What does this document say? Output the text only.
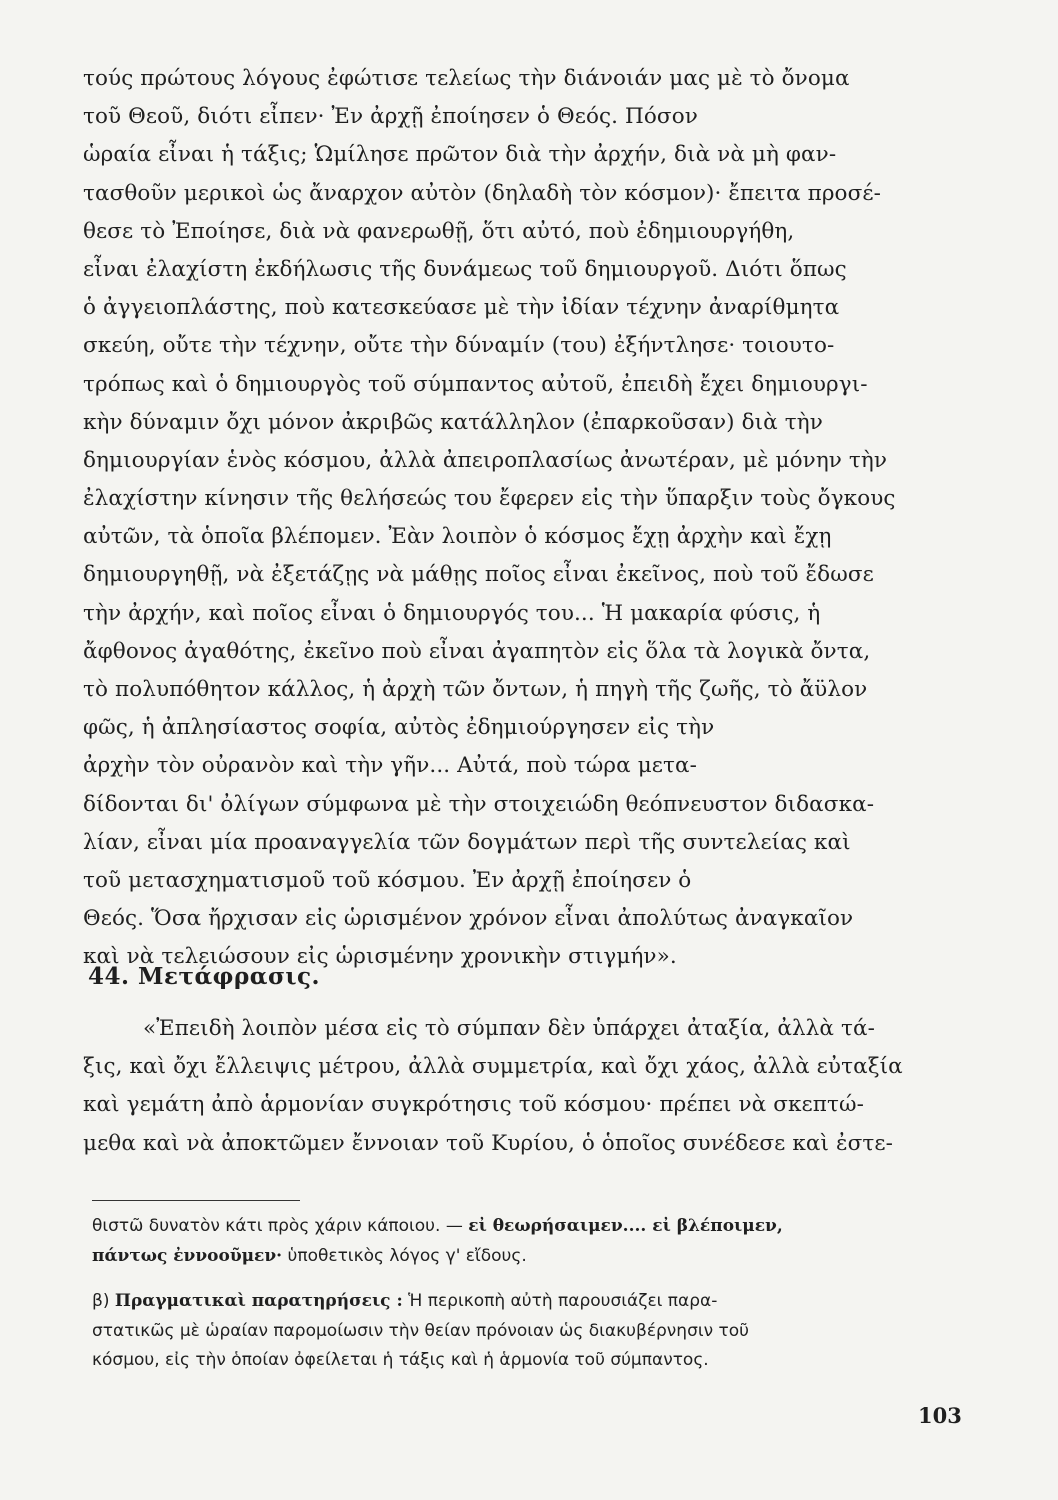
τούς πρώτους λόγους ἐφώτισε τελείως τὴν διάνοιάν μας μὲ τὸ ὄνομα
τοῦ Θεοῦ, διότι εἶπεν· Ἐν ἀρχῇ ἐποίησεν ὁ Θεός. Πόσον
ὡραία εἶναι ἡ τάξις; Ὡμίλησε πρῶτον διὰ τὴν ἀρχήν, διὰ νὰ μὴ φαν-
τασθοῦν μερικοὶ ὡς ἄναρχον αὐτὸν (δηλαδὴ τὸν κόσμον)· ἔπειτα προσέ-
θεσε τὸ Ἐποίησε, διὰ νὰ φανερωθῇ, ὅτι αὐτό, ποὺ ἐδημιουργήθη,
εἶναι ἐλαχίστη ἐκδήλωσις τῆς δυνάμεως τοῦ δημιουργοῦ. Διότι ὅπως
ὁ ἀγγειοπλάστης, ποὺ κατεσκεύασε μὲ τὴν ἰδίαν τέχνην ἀναρίθμητα
σκεύη, οὔτε τὴν τέχνην, οὔτε τὴν δύναμίν (του) ἐξήντλησε· τοιουτο-
τρόπως καὶ ὁ δημιουργὸς τοῦ σύμπαντος αὐτοῦ, ἐπειδὴ ἔχει δημιουργι-
κὴν δύναμιν ὄχι μόνον ἀκριβῶς κατάλληλον (ἐπαρκοῦσαν) διὰ τὴν
δημιουργίαν ἑνὸς κόσμου, ἀλλὰ ἀπειροπλασίως ἀνωτέραν, μὲ μόνην τὴν
ἐλαχίστην κίνησιν τῆς θελήσεώς του ἔφερεν εἰς τὴν ὕπαρξιν τοὺς ὄγκους
αὐτῶν, τὰ ὁποῖα βλέπομεν. Ἐὰν λοιπὸν ὁ κόσμος ἔχῃ ἀρχὴν καὶ ἔχῃ
δημιουργηθῇ, νὰ ἐξετάζῃς νὰ μάθῃς ποῖος εἶναι ἐκεῖνος, ποὺ τοῦ ἔδωσε
τὴν ἀρχήν, καὶ ποῖος εἶναι ὁ δημιουργός του... Ἡ μακαρία φύσις, ἡ
ἄφθονος ἀγαθότης, ἐκεῖνο ποὺ εἶναι ἀγαπητὸν εἰς ὅλα τὰ λογικὰ ὄντα,
τὸ πολυπόθητον κάλλος, ἡ ἀρχὴ τῶν ὄντων, ἡ πηγὴ τῆς ζωῆς, τὸ ἄϋλον
φῶς, ἡ ἀπλησίαστος σοφία, αὐτὸς ἐδημιούργησεν εἰς τὴν
ἀρχὴν τὸν οὐρανὸν καὶ τὴν γῆν... Αὐτά, ποὺ τώρα μετα-
δίδονται δι' ὀλίγων σύμφωνα μὲ τὴν στοιχειώδη θεόπνευστον διδασκα-
λίαν, εἶναι μία προαναγγελία τῶν δογμάτων περὶ τῆς συντελείας καὶ
τοῦ μετασχηματισμοῦ τοῦ κόσμου. Ἐν ἀρχῇ ἐποίησεν ὁ
Θεός. Ὅσα ἤρχισαν εἰς ὡρισμένον χρόνον εἶναι ἀπολύτως ἀναγκαῖον
καὶ νὰ τελειώσουν εἰς ὡρισμένην χρονικὴν στιγμήν».
44. Μετάφρασις.
«Ἐπειδὴ λοιπὸν μέσα εἰς τὸ σύμπαν δὲν ὑπάρχει ἀταξία, ἀλλὰ τά-
ξις, καὶ ὄχι ἔλλειψις μέτρου, ἀλλὰ συμμετρία, καὶ ὄχι χάος, ἀλλὰ εὐταξία
καὶ γεμάτη ἀπὸ ἁρμονίαν συγκρότησις τοῦ κόσμου· πρέπει νὰ σκεπτώ-
μεθα καὶ νὰ ἀποκτῶμεν ἔννοιαν τοῦ Κυρίου, ὁ ὁποῖος συνέδεσε καὶ ἐστε-
θιστῶ δυνατὸν κάτι πρὸς χάριν κάποιου. — εἰ θεωρήσαιμεν.... εἰ βλέποιμεν,
πάντως ἐννοοῦμεν· ὑποθετικὸς λόγος γ' εἴδους.
β) Πραγματικαὶ παρατηρήσεις : Ἡ περικοπὴ αὐτὴ παρουσιάζει παρα-
στατικῶς μὲ ὡραίαν παρομοίωσιν τὴν θείαν πρόνοιαν ὡς διακυβέρνησιν τοῦ
κόσμου, εἰς τὴν ὁποίαν ὀφείλεται ἡ τάξις καὶ ἡ ἁρμονία τοῦ σύμπαντος.
103
